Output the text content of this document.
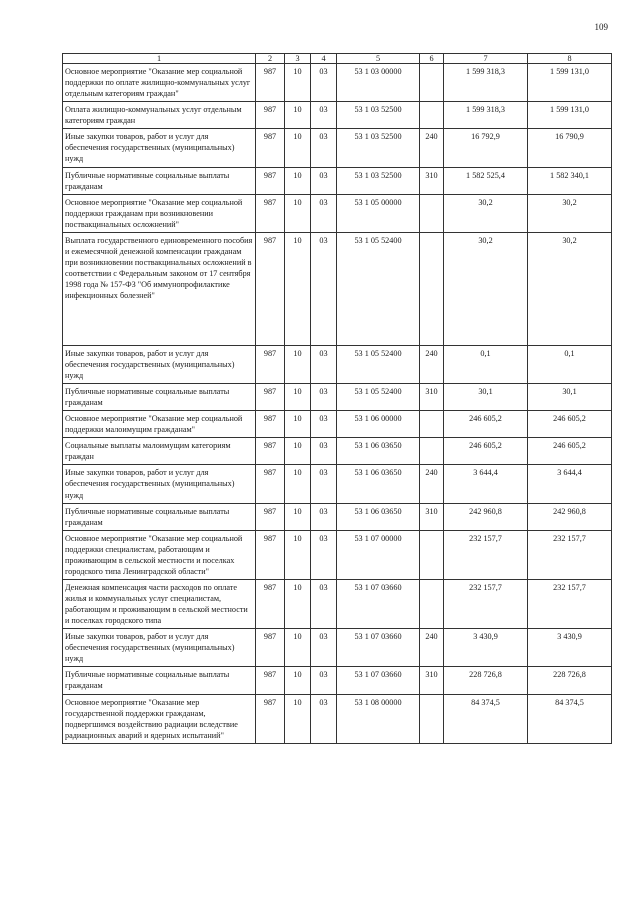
109
1	2	3	4	5	6	7	8
Основное мероприятие "Оказание мер социальной поддержки по оплате жилищно-коммунальных услуг отдельным категориям граждан"	987	10	03	53 1 03 00000		1 599 318,3	1 599 131,0
Оплата жилищно-коммунальных услуг отдельным категориям граждан	987	10	03	53 1 03 52500		1 599 318,3	1 599 131,0
Иные закупки товаров, работ и услуг для обеспечения государственных (муниципальных) нужд	987	10	03	53 1 03 52500	240	16 792,9	16 790,9
Публичные нормативные социальные выплаты гражданам	987	10	03	53 1 03 52500	310	1 582 525,4	1 582 340,1
Основное мероприятие "Оказание мер социальной поддержки гражданам при возникновении поствакцинальных осложнений"	987	10	03	53 1 05 00000		30,2	30,2
Выплата государственного единовременного пособия и ежемесячной денежной компенсации гражданам при возникновении поствакцинальных осложнений в соответствии с Федеральным законом от 17 сентября 1998 года № 157-ФЗ "Об иммунопрофилактике инфекционных болезней"	987	10	03	53 1 05 52400		30,2	30,2
Иные закупки товаров, работ и услуг для обеспечения государственных (муниципальных) нужд	987	10	03	53 1 05 52400	240	0,1	0,1
Публичные нормативные социальные выплаты гражданам	987	10	03	53 1 05 52400	310	30,1	30,1
Основное мероприятие "Оказание мер социальной поддержки малоимущим гражданам"	987	10	03	53 1 06 00000		246 605,2	246 605,2
Социальные выплаты малоимущим категориям граждан	987	10	03	53 1 06 03650		246 605,2	246 605,2
Иные закупки товаров, работ и услуг для обеспечения государственных (муниципальных) нужд	987	10	03	53 1 06 03650	240	3 644,4	3 644,4
Публичные нормативные социальные выплаты гражданам	987	10	03	53 1 06 03650	310	242 960,8	242 960,8
Основное мероприятие "Оказание мер социальной поддержки специалистам, работающим и проживающим в сельской местности и поселках городского типа Ленинградской области"	987	10	03	53 1 07 00000		232 157,7	232 157,7
Денежная компенсация части расходов по оплате жилья и коммунальных услуг специалистам, работающим и проживающим в сельской местности и поселках городского типа	987	10	03	53 1 07 03660		232 157,7	232 157,7
Иные закупки товаров, работ и услуг для обеспечения государственных (муниципальных) нужд	987	10	03	53 1 07 03660	240	3 430,9	3 430,9
Публичные нормативные социальные выплаты гражданам	987	10	03	53 1 07 03660	310	228 726,8	228 726,8
Основное мероприятие "Оказание мер государственной поддержки гражданам, подвергшимся воздействию радиации вследствие радиационных аварий и ядерных испытаний"	987	10	03	53 1 08 00000		84 374,5	84 374,5
